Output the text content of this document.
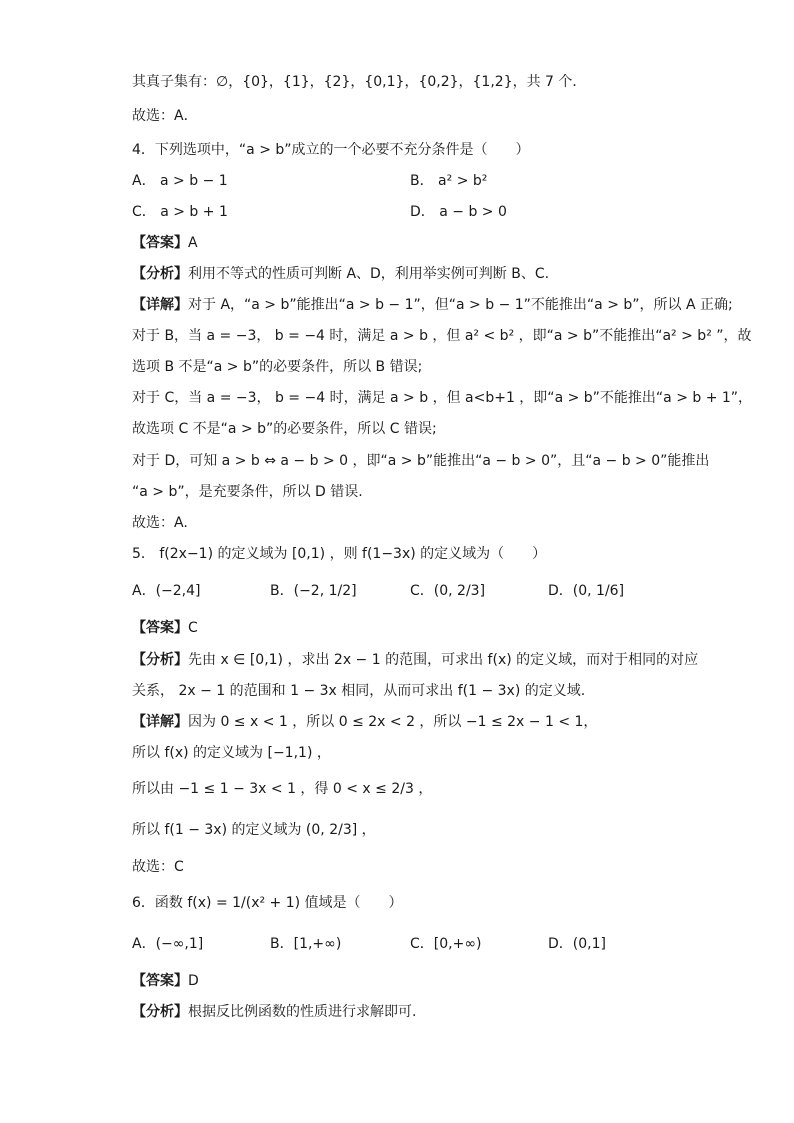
其真子集有：∅，{0}，{1}，{2}，{0,1}，{0,2}，{1,2}，共 7 个．
故选：A．
4．下列选项中，“a > b”成立的一个必要不充分条件是（　　）
A． a > b − 1	B． a² > b²
C． a > b + 1	D． a − b > 0
【答案】A
【分析】利用不等式的性质可判断 A、D，利用举实例可判断 B、C.
【详解】对于 A，“a > b”能推出“a > b − 1”，但“a > b − 1”不能推出“a > b”，所以 A 正确;
对于 B，当 a = −3， b = −4 时，满足 a > b ，但 a² < b² ，即“a > b”不能推出“a² > b² ”，故
选项 B 不是“a > b”的必要条件，所以 B 错误;
对于 C，当 a = −3， b = −4 时，满足 a > b ，但 a<b+1 ，即“a > b”不能推出“a > b + 1”，
故选项 C 不是“a > b”的必要条件，所以 C 错误;
对于 D，可知 a > b ⇔ a − b > 0 ，即“a > b”能推出“a − b > 0”，且“a − b > 0”能推出
“a > b”，是充要条件，所以 D 错误.
故选：A.
5． f(2x−1) 的定义域为 [0,1) ，则 f(1−3x) 的定义域为（　　）
A．(−2,4]	B．(−2, 1/2]	C．(0, 2/3]	D．(0, 1/6]
【答案】C
【分析】先由 x ∈ [0,1) ，求出 2x − 1 的范围，可求出 f(x) 的定义域，而对于相同的对应
关系， 2x − 1 的范围和 1 − 3x 相同，从而可求出 f(1 − 3x) 的定义域.
【详解】因为 0 ≤ x < 1 ，所以 0 ≤ 2x < 2 ，所以 −1 ≤ 2x − 1 < 1，
所以 f(x) 的定义域为 [−1,1) ，
所以由 −1 ≤ 1 − 3x < 1 ，得 0 < x ≤ 2/3 ，
所以 f(1 − 3x) 的定义域为 (0, 2/3] ，
故选：C
6．函数 f(x) = 1/(x² + 1) 值域是（　　）
A．(−∞,1]	B．[1,+∞)	C．[0,+∞)	D．(0,1]
【答案】D
【分析】根据反比例函数的性质进行求解即可.
